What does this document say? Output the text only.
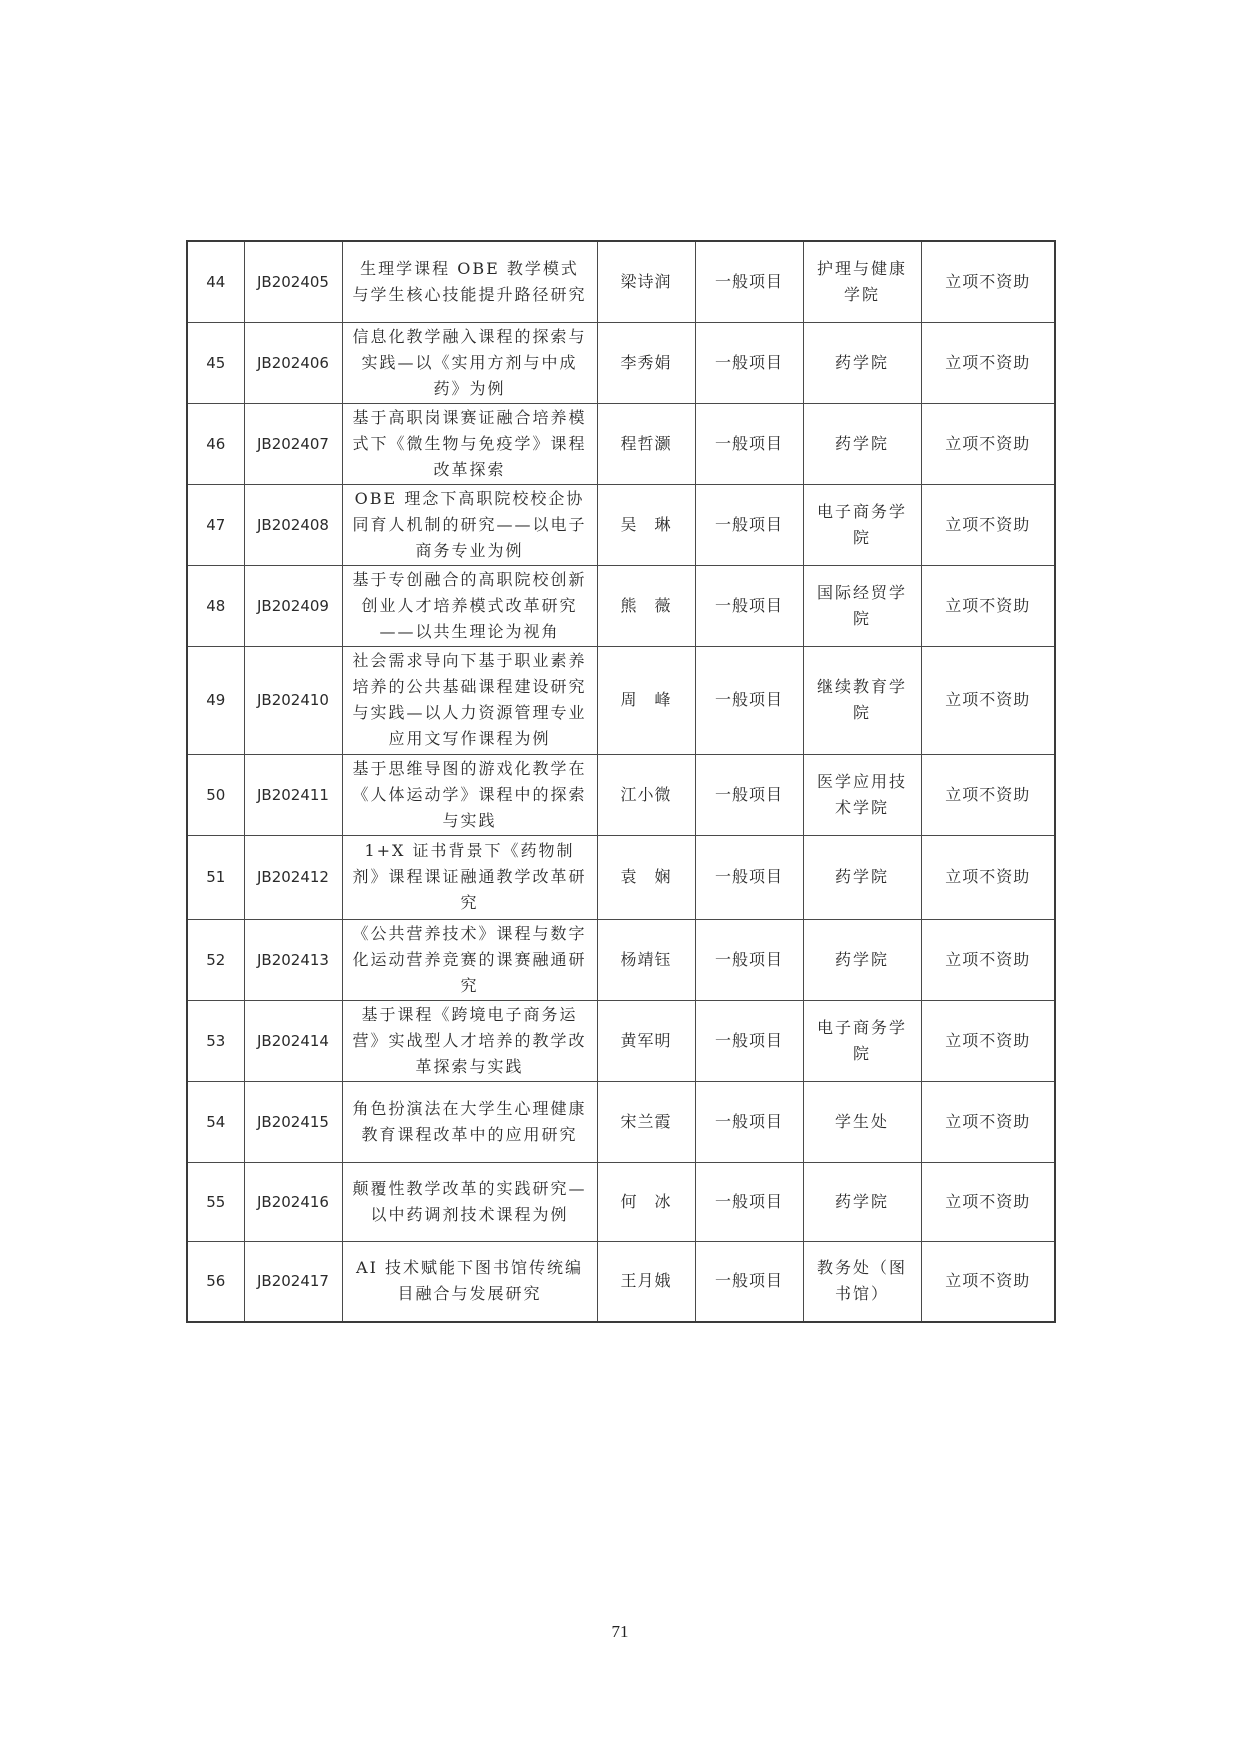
44	JB202405	生理学课程 OBE 教学模式与学生核心技能提升路径研究	梁诗润	一般项目	护理与健康学院	立项不资助
45	JB202406	信息化教学融入课程的探索与实践—以《实用方剂与中成药》为例	李秀娟	一般项目	药学院	立项不资助
46	JB202407	基于高职岗课赛证融合培养模式下《微生物与免疫学》课程改革探索	程哲灏	一般项目	药学院	立项不资助
47	JB202408	OBE 理念下高职院校校企协同育人机制的研究——以电子商务专业为例	吴　琳	一般项目	电子商务学院	立项不资助
48	JB202409	基于专创融合的高职院校创新创业人才培养模式改革研究——以共生理论为视角	熊　薇	一般项目	国际经贸学院	立项不资助
49	JB202410	社会需求导向下基于职业素养培养的公共基础课程建设研究与实践—以人力资源管理专业应用文写作课程为例	周　峰	一般项目	继续教育学院	立项不资助
50	JB202411	基于思维导图的游戏化教学在《人体运动学》课程中的探索与实践	江小微	一般项目	医学应用技术学院	立项不资助
51	JB202412	1+X 证书背景下《药物制剂》课程课证融通教学改革研究	袁　娴	一般项目	药学院	立项不资助
52	JB202413	《公共营养技术》课程与数字化运动营养竞赛的课赛融通研究	杨靖钰	一般项目	药学院	立项不资助
53	JB202414	基于课程《跨境电子商务运营》实战型人才培养的教学改革探索与实践	黄军明	一般项目	电子商务学院	立项不资助
54	JB202415	角色扮演法在大学生心理健康教育课程改革中的应用研究	宋兰霞	一般项目	学生处	立项不资助
55	JB202416	颠覆性教学改革的实践研究—以中药调剂技术课程为例	何　冰	一般项目	药学院	立项不资助
56	JB202417	AI 技术赋能下图书馆传统编目融合与发展研究	王月娥	一般项目	教务处（图书馆）	立项不资助
71
